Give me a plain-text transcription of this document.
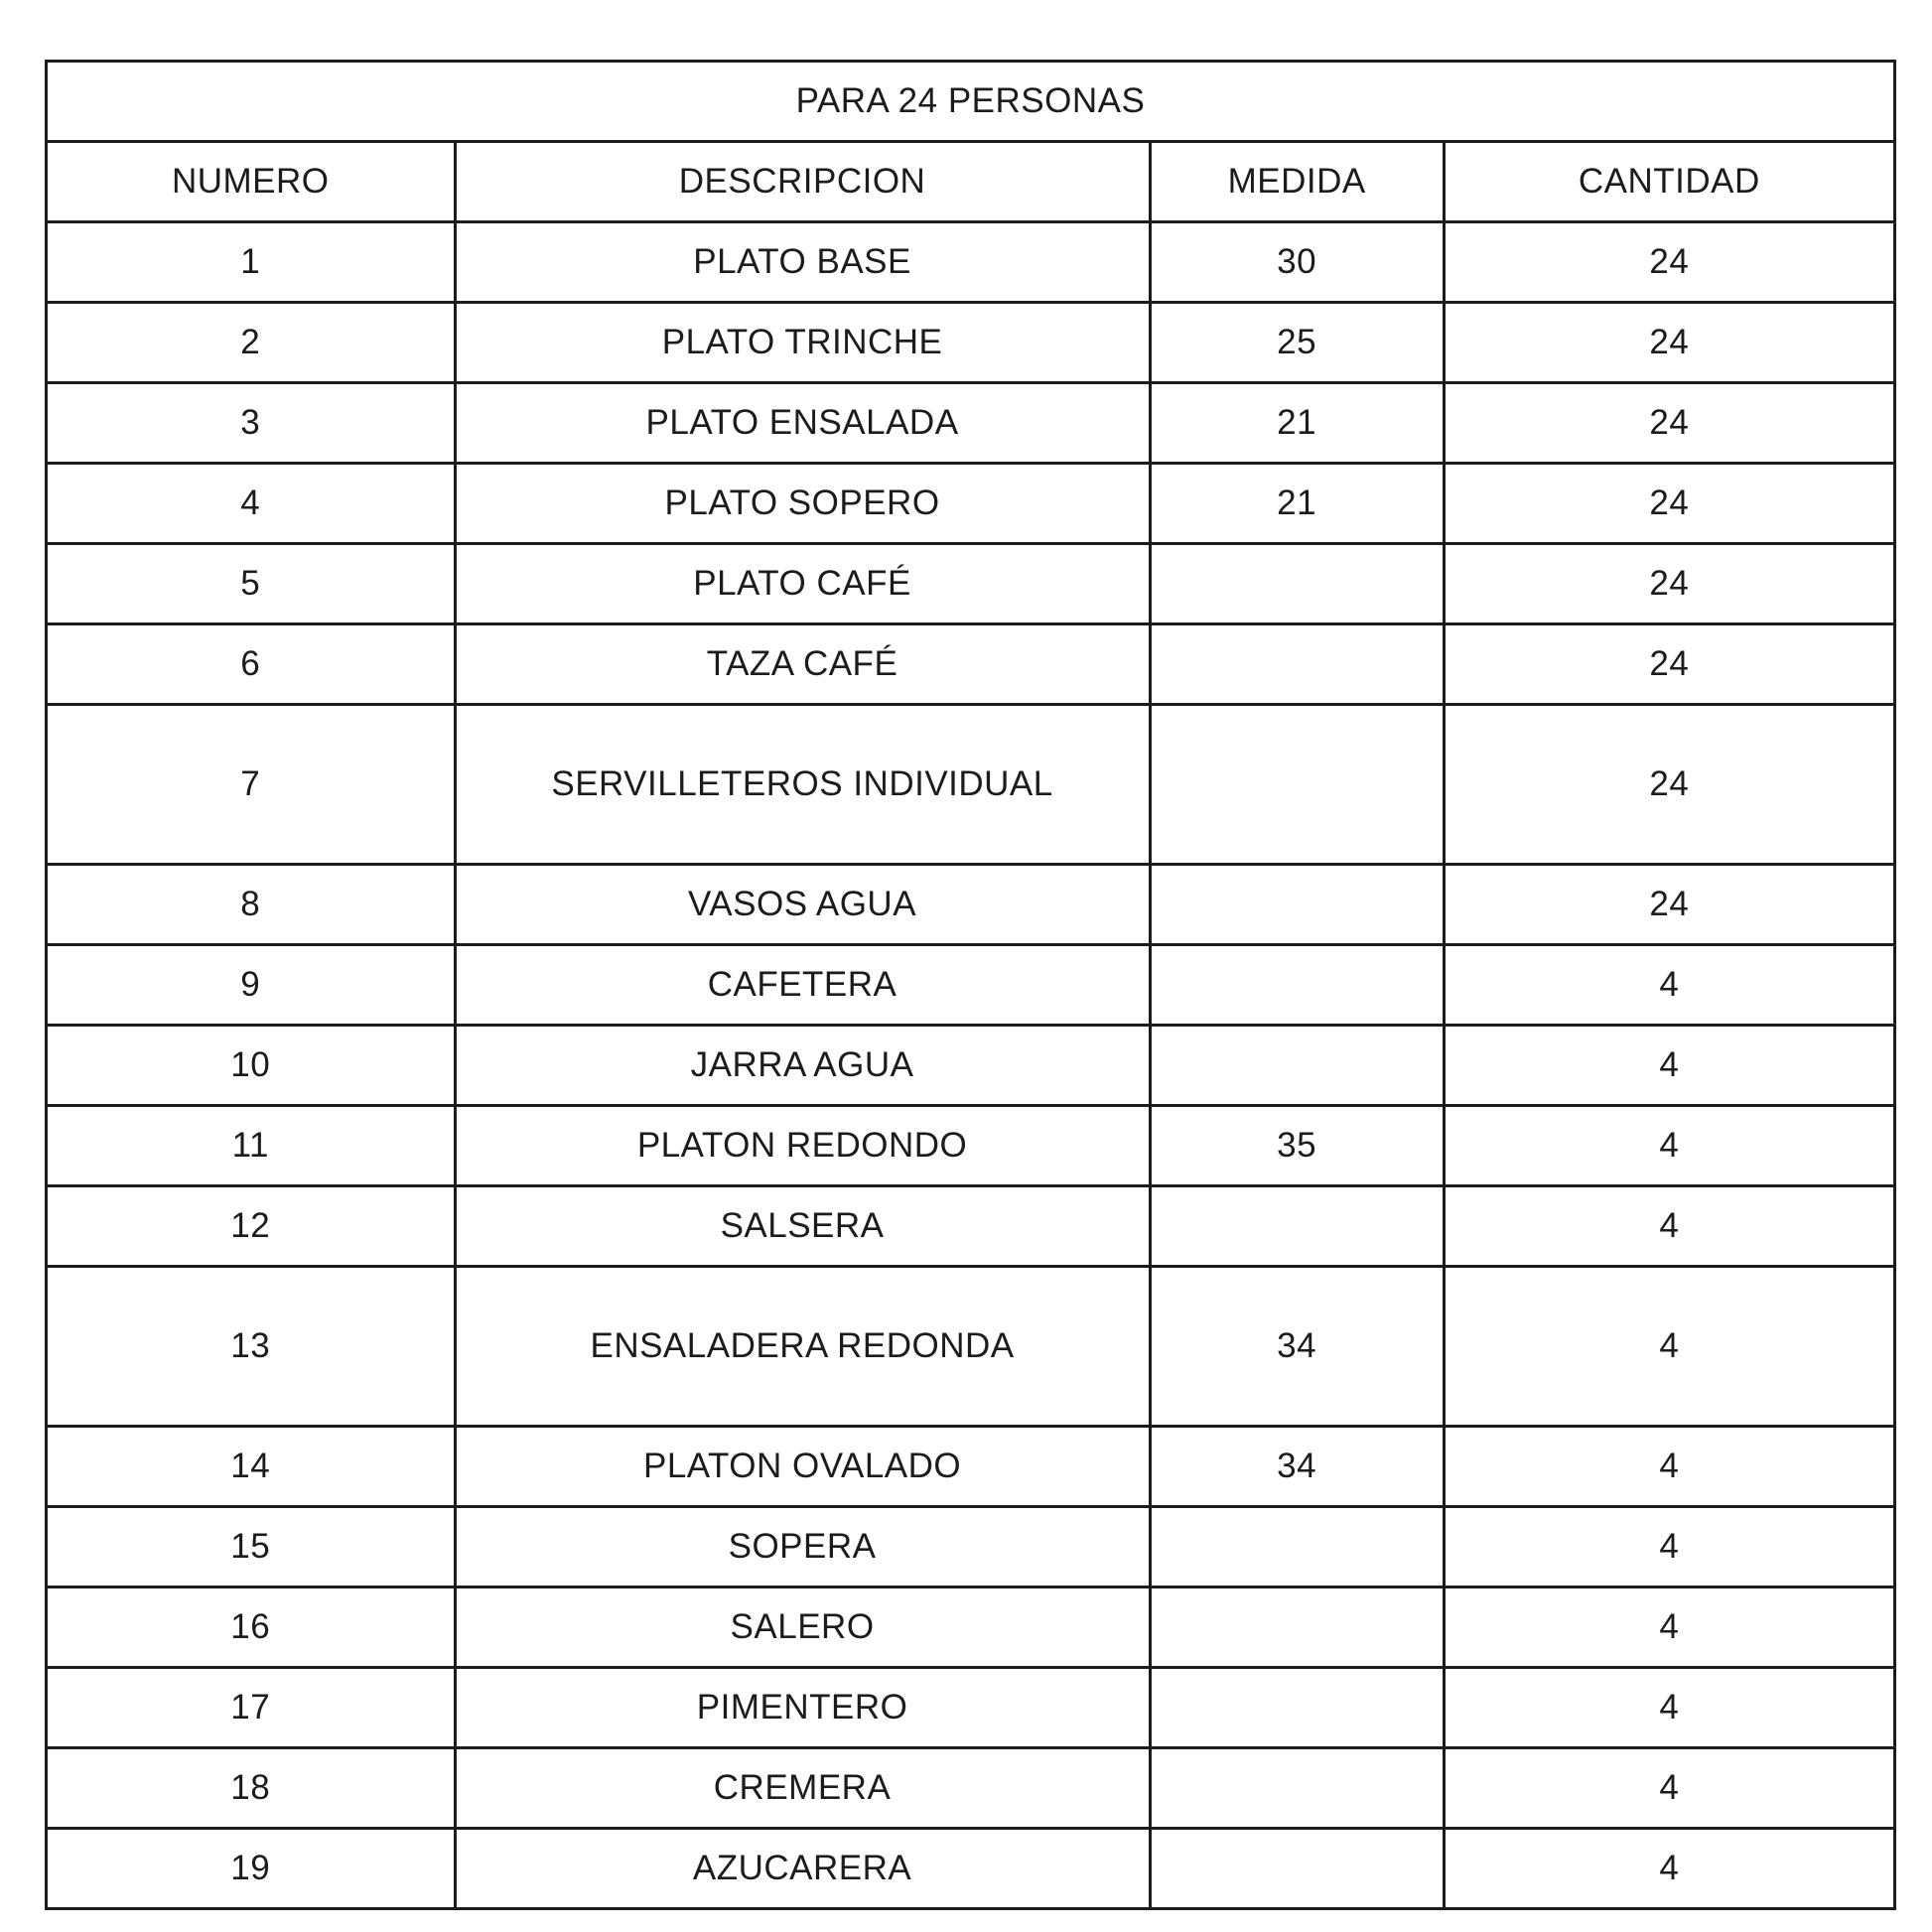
PARA 24 PERSONAS			
NUMERO	DESCRIPCION	MEDIDA	CANTIDAD
1	PLATO BASE	30	24
2	PLATO TRINCHE	25	24
3	PLATO ENSALADA	21	24
4	PLATO SOPERO	21	24
5	PLATO CAFÉ		24
6	TAZA CAFÉ		24
7	SERVILLETEROS INDIVIDUAL		24
8	VASOS AGUA		24
9	CAFETERA		4
10	JARRA AGUA		4
11	PLATON REDONDO	35	4
12	SALSERA		4
13	ENSALADERA REDONDA	34	4
14	PLATON OVALADO	34	4
15	SOPERA		4
16	SALERO		4
17	PIMENTERO		4
18	CREMERA		4
19	AZUCARERA		4
